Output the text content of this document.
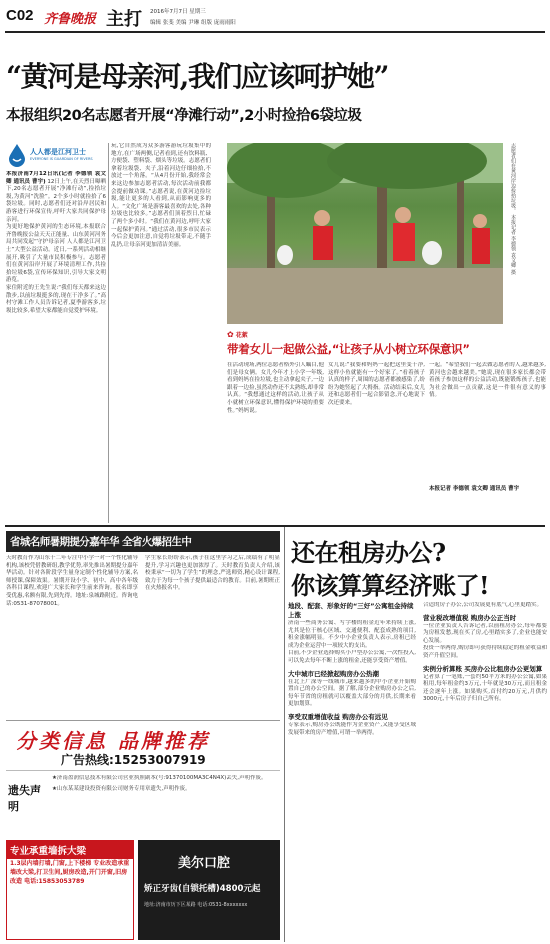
C02 齐鲁晚报 主打 2016年7月7日 星期三
编辑 张斐 美编 尹琳 组版 庞雨雨阳
“黄河是母亲河,我们应该呵护她”
本报组织20名志愿者开展“净滩行动”,2小时捡拾6袋垃圾
人人都是江河卫士
EVERYONE IS GUARDIAN OF RIVERS
本报济南7月12日讯(记者 李德领 袁文卿 通讯员 曹宇) 12日上午,在天烈日曝晒下,20名志愿者开展“净滩行动”,捡拾垃圾,为黄河“洗脸”。2个多小时就捡拾了6袋垃圾。同时,志愿者们还对沿岸居民和游客进行环保宣传,呼吁大家共同保护母亲河。
为更好地保护黄河的生态环境,本报联合齐鲁晚报公益天天正能量、山东黄河河务局共同发起“守护母亲河 人人都是江河卫士”大型公益活动。近日,一系列活动相继展开,吸引了大量市民积极参与。志愿者们在黄河沿岸开展了环境清理工作,共捡拾垃圾6袋,宣传环保知识,引导大家文明游览。
家住附近的王先生说:“我们每天都来这边散步,以前垃圾挺多的,现在干净多了。”高村守滩工作人员告诉记者,夏季游客多,垃圾比较多,希望大家都能自觉爱护环境。
玩,它自然成为众多游客游玩垃圾集中的地方,在广场两侧,记者看到,还有饮料瓶、方便袋、塑料袋、烟头等垃圾。志愿者们拿着垃圾袋、夹子,沿着河边仔细捡拾,不放过一个角落。“从4月份开始,我经常会来这边参加志愿者活动,每次活动前我都会提前做功课。”志愿者说,在黄河边捡垃圾,能让更多的人看到,从而影响更多的人。“文化广场是游客最喜欢的去处,各种垃圾也比较多。”志愿者们顶着烈日,忙碌了两个多小时。“我们在黄河边,呼吁大家一起保护黄河。”通过活动,很多市民表示今后会更加注意,自觉将垃圾带走,不随手乱扔,让母亲河更加清洁美丽。	志愿者们在黄河岸边捡拾垃圾。 本报记者 李德领 袁文卿 摄
✿ 花絮
带着女儿一起做公益,“让孩子从小树立环保意识”
在活动现场,两位志愿者格外引人瞩目,他们是母女俩。女儿今年才上小学一年级,看到妈妈在捡垃圾,也主动拿起夹子,一边跟着一边捡,虽然动作还不太熟练,却非常认真。“我想通过这样的活动,让孩子从小就树立环保意识,懂得保护环境的重要性。”妈妈说。
女儿说:“我要和妈妈一起把这里变干净,这样小鱼就能有一个好家了。”看着孩子认真的样子,周围的志愿者都被感染了,纷纷为她竖起了大拇指。活动结束后,女儿还和志愿者们一起合影留念,开心地说下次还要来。
一起。“希望我们一起去做志愿者的人,越来越多,黄河也会越来越美。”她说,现在很多家长都会带着孩子参加这样的公益活动,既能锻炼孩子,也能为社会做出一点贡献,这是一件很有意义的事情。
本报记者 李德领 袁文卿 通讯员 曹宇
省城名师暑期提分嘉年华 全省火爆招生中
天时教育作为山东十二年专注中小学一对一个性化辅导机构,该校凭借教研组,教学优势,率先推出暑期提分嘉年华活动。针对各阶段学生量身定制个性化辅导方案,名师授课,保障效果。暑期开设小学、初中、高中各年级各科目课程,欢迎广大家长和学生前来咨询。报名即享受优惠,名额有限,先到先得。地址:泉城路附近。咨询电话:0531-87078001。
学生家长纷纷表示,孩子在这里学习之后,成绩有了明显提升,学习兴趣也更加浓厚了。天时教育负责人介绍,该校秉承“一切为了学生”的理念,严选师资,精心设计课程,致力于为每一个孩子提供最适合的教育。目前,暑期班正在火热报名中。
分类信息 品牌推荐
广告热线:15253007919
遗失声明
★济南盈润信息技术有限公司营业执照副本(号:91370100MA3C4N4X)丢失,声明作废。
★山东某某建设投资有限公司财务专用章遗失,声明作废。
专业承重墙拆大梁
1.3层内墙打墙,门窗,上下楼梯 专业改造承重 墙改大梁,打卫生间,厨房改造,开门开窗,旧房改造 电话:15853053789
美尔口腔
矫正牙齿(自锁托槽)4800元起
地址:济南市历下区某路 电话:0531-8xxxxxxx
还在租房办公?
你该算算经济账了!
地段、配套、形象好的“三好”公寓租金持续上涨
济南一些商务公寓、写字楼的租金近年来持续上涨,尤其是位于核心区域、交通便利、配套成熟的项目,租金涨幅明显。不少中小企业负责人表示,房租已经成为企业运营中一项较大的支出。
目前,不少企业选择购买小户型办公公寓,一次性投入,可以免去每年不断上涨的租金,还能享受资产增值。
大中城市已经掀起购房办公热潮
在北上广深等一线城市,越来越多的中小企业开始购置自己的办公空间。据了解,部分企业购房办公之后,每年节省的房租就可以覆盖大部分的月供,长期来看更加划算。
享受双重增值收益 购房办公有远见
专家表示,购房办公既能作为企业资产,又能享受区域发展带来的房产增值,可谓一举两得。
合适的房子办公,公司发展更有底气,心里更踏实。
营业税改增值税 购房办公正当时
一位企业负责人告诉记者,以前租房办公,每年都要为房租发愁,现在买了房,心里踏实多了,企业也能安心发展。
投资一举两得,购房即可获得持续稳定的租金收益和资产升值空间。
实例分析算账 买房办公比租房办公更划算
记者算了一笔账,一套约50平方米的办公公寓,如果租用,每年租金约3万元,十年就是30万元,而且租金还会逐年上涨。如果购买,首付约20万元,月供约3000元,十年后房子归自己所有。
